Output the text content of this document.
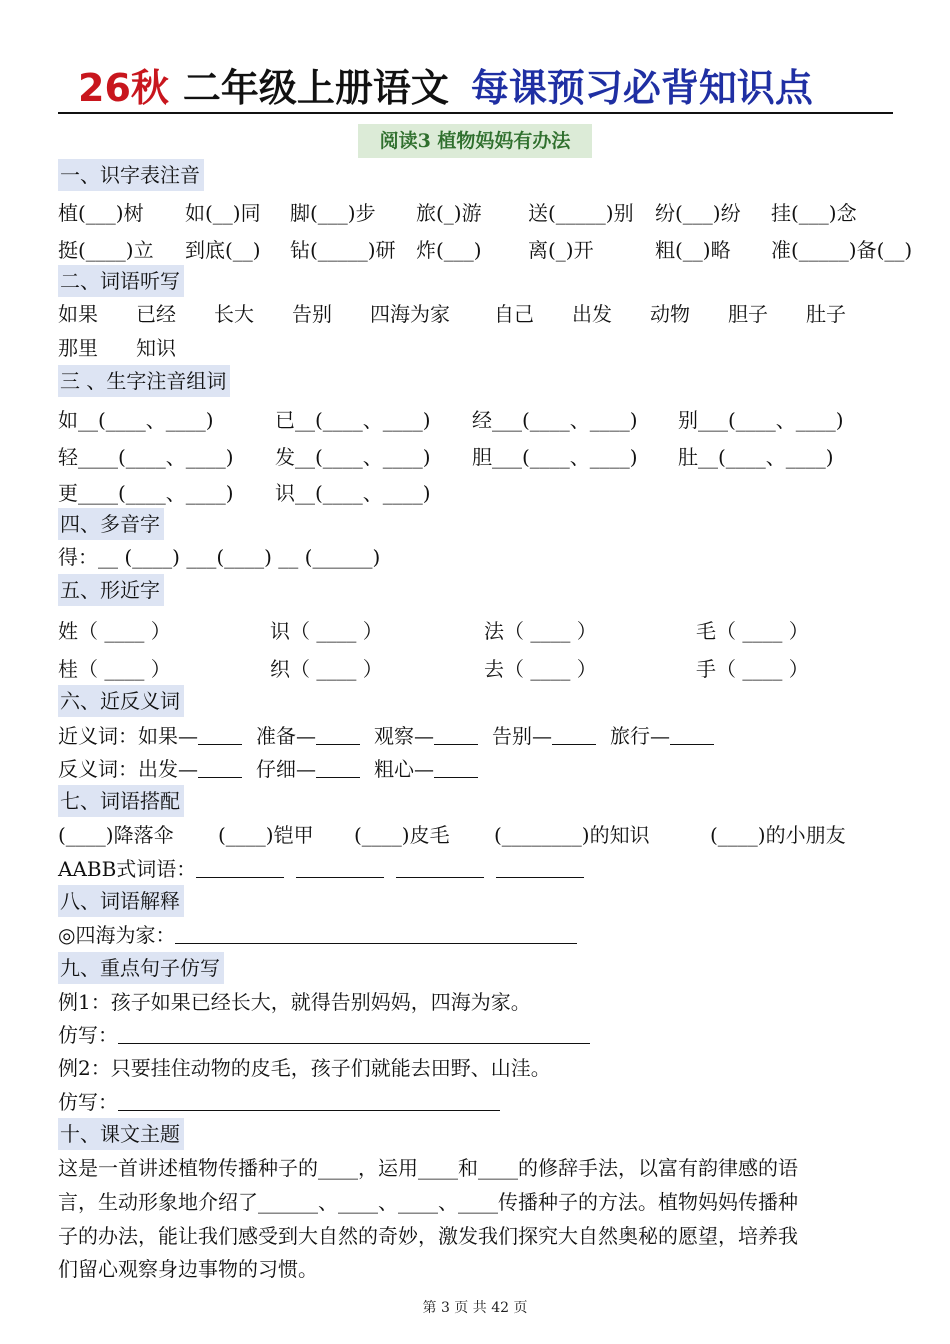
26秋 二年级上册语文 每课预习必背知识点
阅读3 植物妈妈有办法
一、识字表注音
植(___)树 如(__)同 脚(___)步 旅(_)游 送(_____)别 纷(___)纷 挂(___)念
挺(____)立 到底(__) 钻(_____)研 炸(___) 离(_)开	粗(__)略 准(_____)备(__)
二、词语听写
如果 已经 长大 告别 四海为家 自己 出发 动物 胆子 肚子
那里 知识
三 、生字注音组词
如__(____、____)	已__(____、____) 经___(____、____) 别___(____、____)
轻____(____、____) 发__(____、____) 胆___(____、____) 肚__(____、____)
更____(____、____) 识__(____、____)
四、多音字
得：__ (____) ___(____) __ (______)
五、形近字
姓（ ____ ）	识（ ____ ）	法（ ____ ）	毛（ ____ ）
桂（ ____ ）	织（ ____ ）	去（ ____ ）	手（ ____ ）
六、近反义词
近义词：如果—	准备—	观察—	告别—	旅行—
反义词：出发—	仔细—	粗心—
七、词语搭配
(____)降落伞 (____)铠甲 (____)皮毛 (________)的知识	(____)的小朋友
AABB式词语：
八、词语解释
◎四海为家：
九、重点句子仿写
例1：孩子如果已经长大，就得告别妈妈，四海为家。
仿写：
例2：只要挂住动物的皮毛，孩子们就能去田野、山洼。
仿写：
十、课文主题
这是一首讲述植物传播种子的____，运用____和____的修辞手法，以富有韵律感的语
言，生动形象地介绍了______、____、____、____传播种子的方法。植物妈妈传播种
子的办法，能让我们感受到大自然的奇妙，激发我们探究大自然奥秘的愿望，培养我
们留心观察身边事物的习惯。
第 3 页 共 42 页
